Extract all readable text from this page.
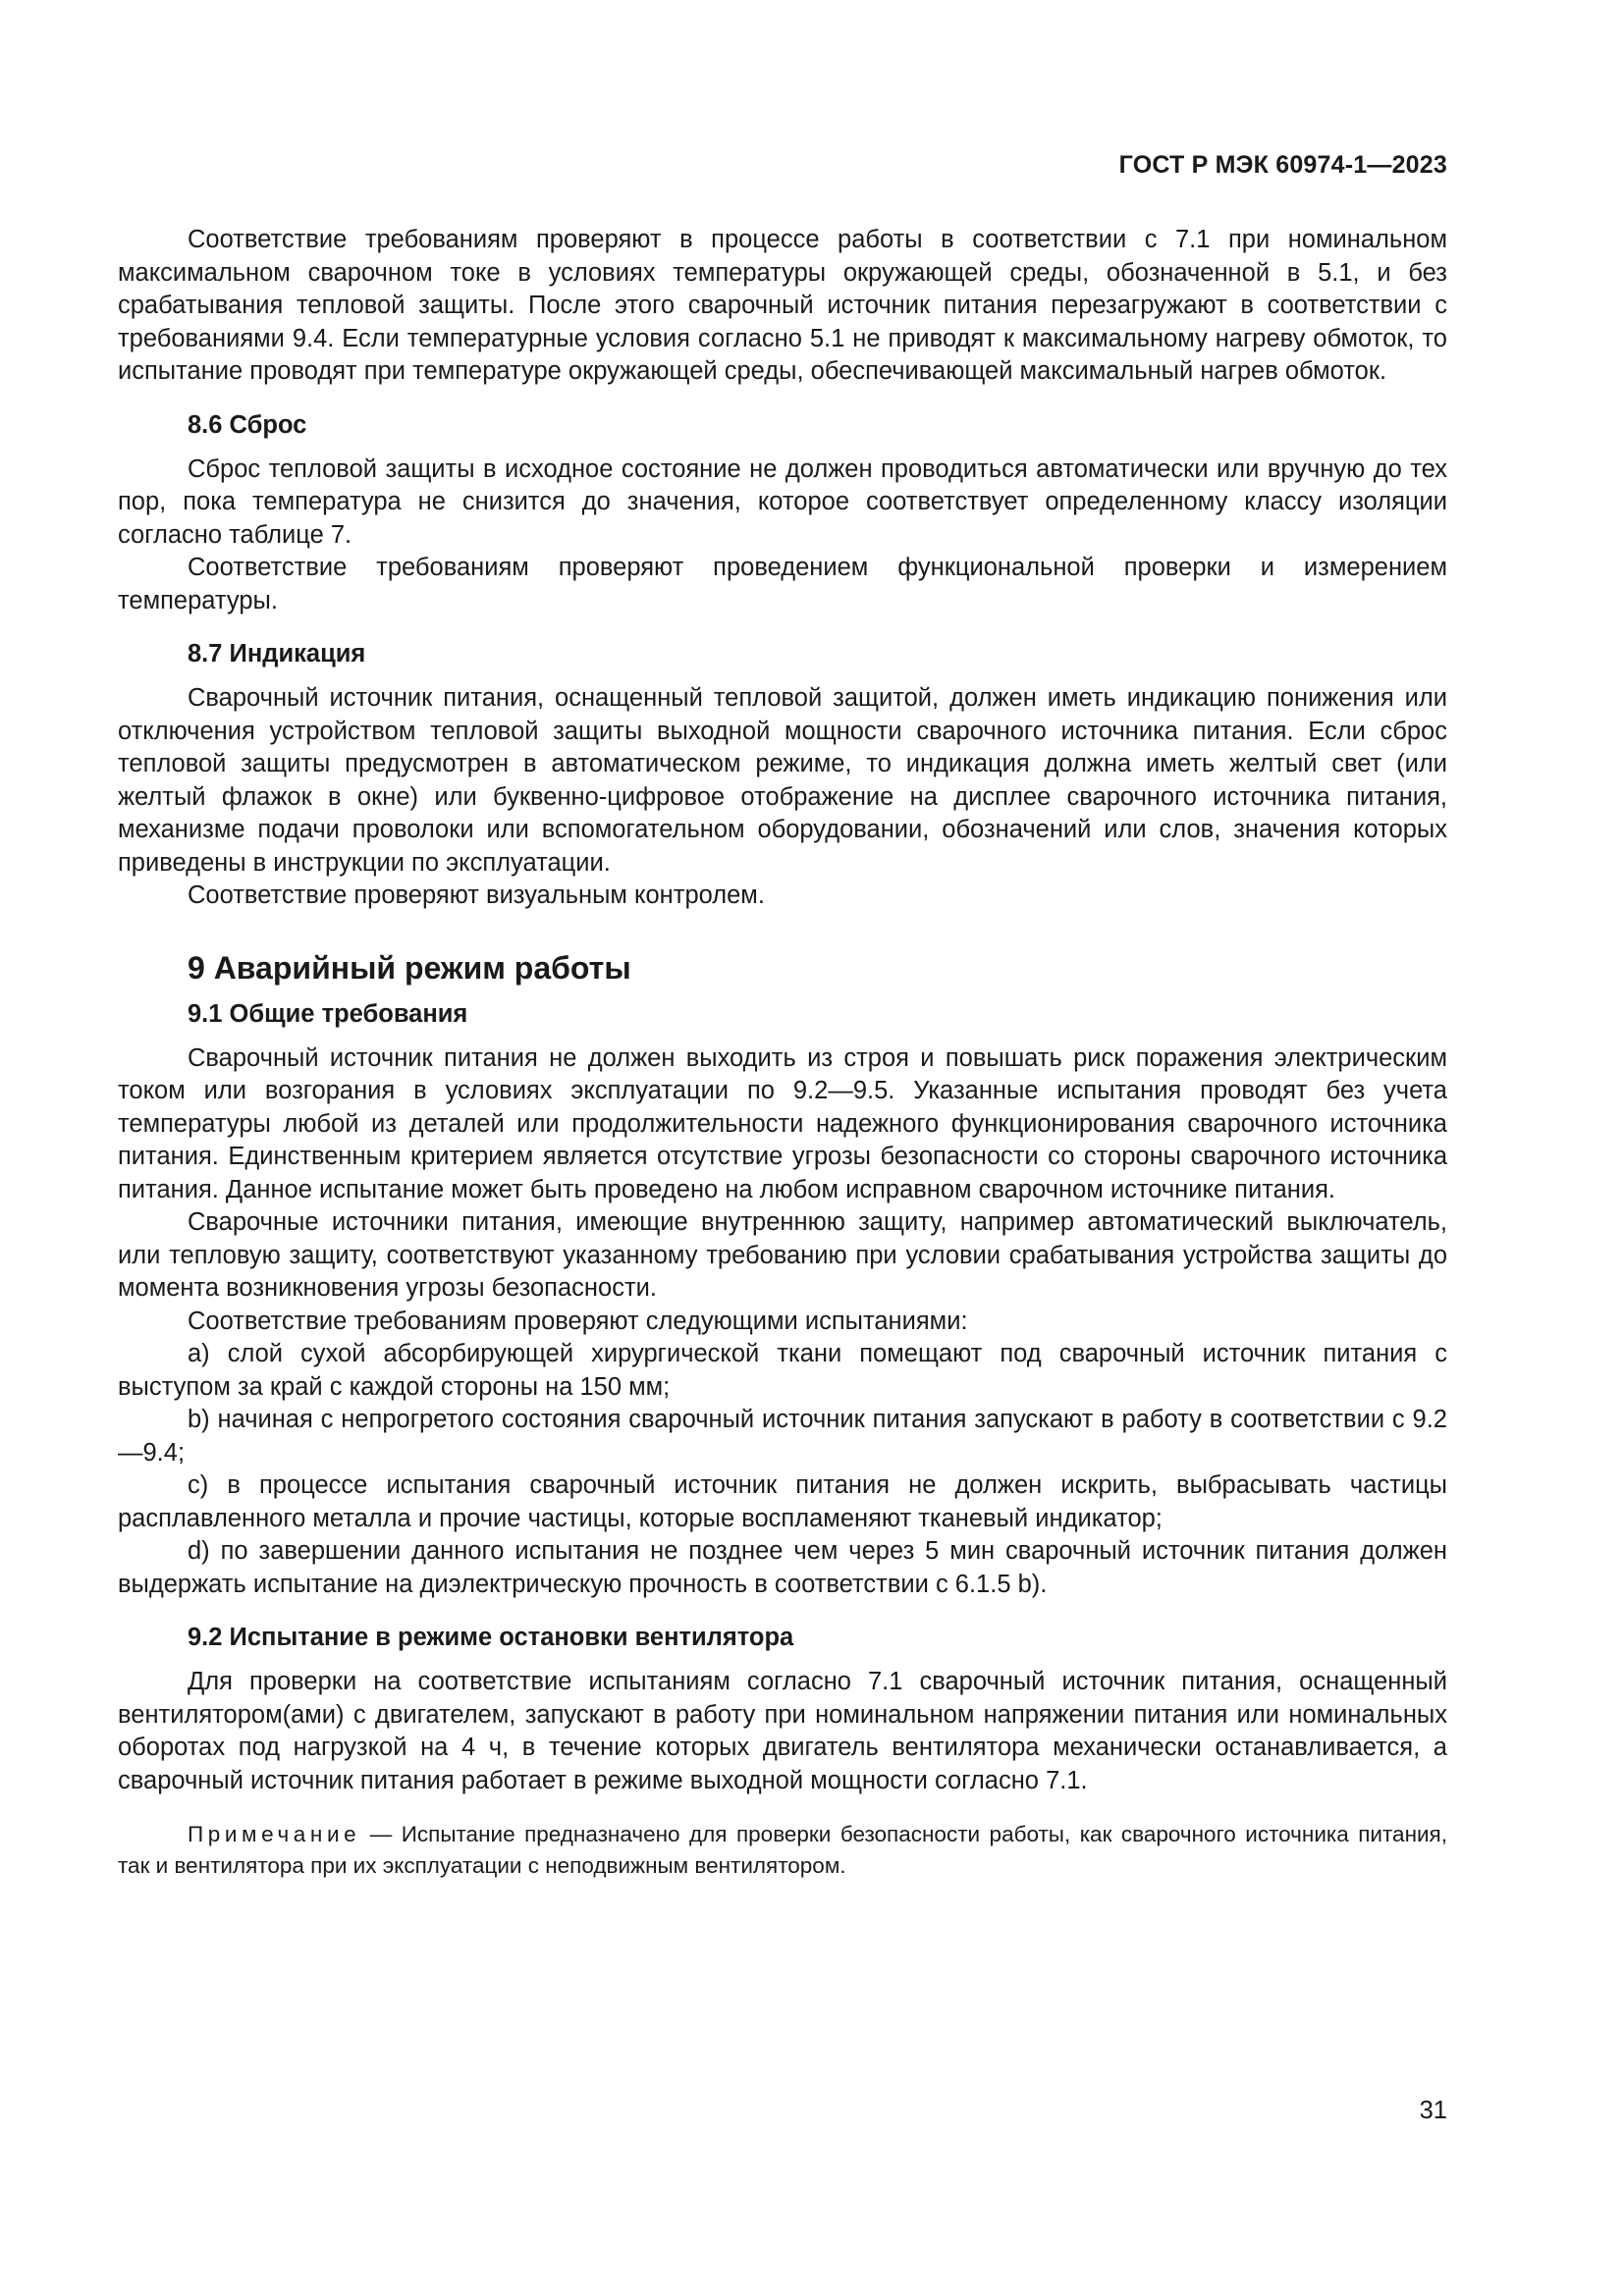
ГОСТ Р МЭК 60974-1—2023

Соответствие требованиям проверяют в процессе работы в соответствии с 7.1 при номинальном максимальном сварочном токе в условиях температуры окружающей среды, обозначенной в 5.1, и без срабатывания тепловой защиты. После этого сварочный источник питания перезагружают в соответствии с требованиями 9.4. Если температурные условия согласно 5.1 не приводят к максимальному нагреву обмоток, то испытание проводят при температуре окружающей среды, обеспечивающей максимальный нагрев обмоток.

8.6 Сброс

Сброс тепловой защиты в исходное состояние не должен проводиться автоматически или вручную до тех пор, пока температура не снизится до значения, которое соответствует определенному классу изоляции согласно таблице 7.

Соответствие требованиям проверяют проведением функциональной проверки и измерением температуры.

8.7 Индикация

Сварочный источник питания, оснащенный тепловой защитой, должен иметь индикацию понижения или отключения устройством тепловой защиты выходной мощности сварочного источника питания. Если сброс тепловой защиты предусмотрен в автоматическом режиме, то индикация должна иметь желтый свет (или желтый флажок в окне) или буквенно-цифровое отображение на дисплее сварочного источника питания, механизме подачи проволоки или вспомогательном оборудовании, обозначений или слов, значения которых приведены в инструкции по эксплуатации.

Соответствие проверяют визуальным контролем.

9 Аварийный режим работы
9.1 Общие требования

Сварочный источник питания не должен выходить из строя и повышать риск поражения электрическим током или возгорания в условиях эксплуатации по 9.2—9.5. Указанные испытания проводят без учета температуры любой из деталей или продолжительности надежного функционирования сварочного источника питания. Единственным критерием является отсутствие угрозы безопасности со стороны сварочного источника питания. Данное испытание может быть проведено на любом исправном сварочном источнике питания.

Сварочные источники питания, имеющие внутреннюю защиту, например автоматический выключатель, или тепловую защиту, соответствуют указанному требованию при условии срабатывания устройства защиты до момента возникновения угрозы безопасности.

Соответствие требованиям проверяют следующими испытаниями:

a) слой сухой абсорбирующей хирургической ткани помещают под сварочный источник питания с выступом за край с каждой стороны на 150 мм;

b) начиная с непрогретого состояния сварочный источник питания запускают в работу в соответствии с 9.2—9.4;

c) в процессе испытания сварочный источник питания не должен искрить, выбрасывать частицы расплавленного металла и прочие частицы, которые воспламеняют тканевый индикатор;

d) по завершении данного испытания не позднее чем через 5 мин сварочный источник питания должен выдержать испытание на диэлектрическую прочность в соответствии с 6.1.5 b).

9.2 Испытание в режиме остановки вентилятора

Для проверки на соответствие испытаниям согласно 7.1 сварочный источник питания, оснащенный вентилятором(ами) с двигателем, запускают в работу при номинальном напряжении питания или номинальных оборотах под нагрузкой на 4 ч, в течение которых двигатель вентилятора механически останавливается, а сварочный источник питания работает в режиме выходной мощности согласно 7.1.

Примечание — Испытание предназначено для проверки безопасности работы, как сварочного источника питания, так и вентилятора при их эксплуатации с неподвижным вентилятором.
31
